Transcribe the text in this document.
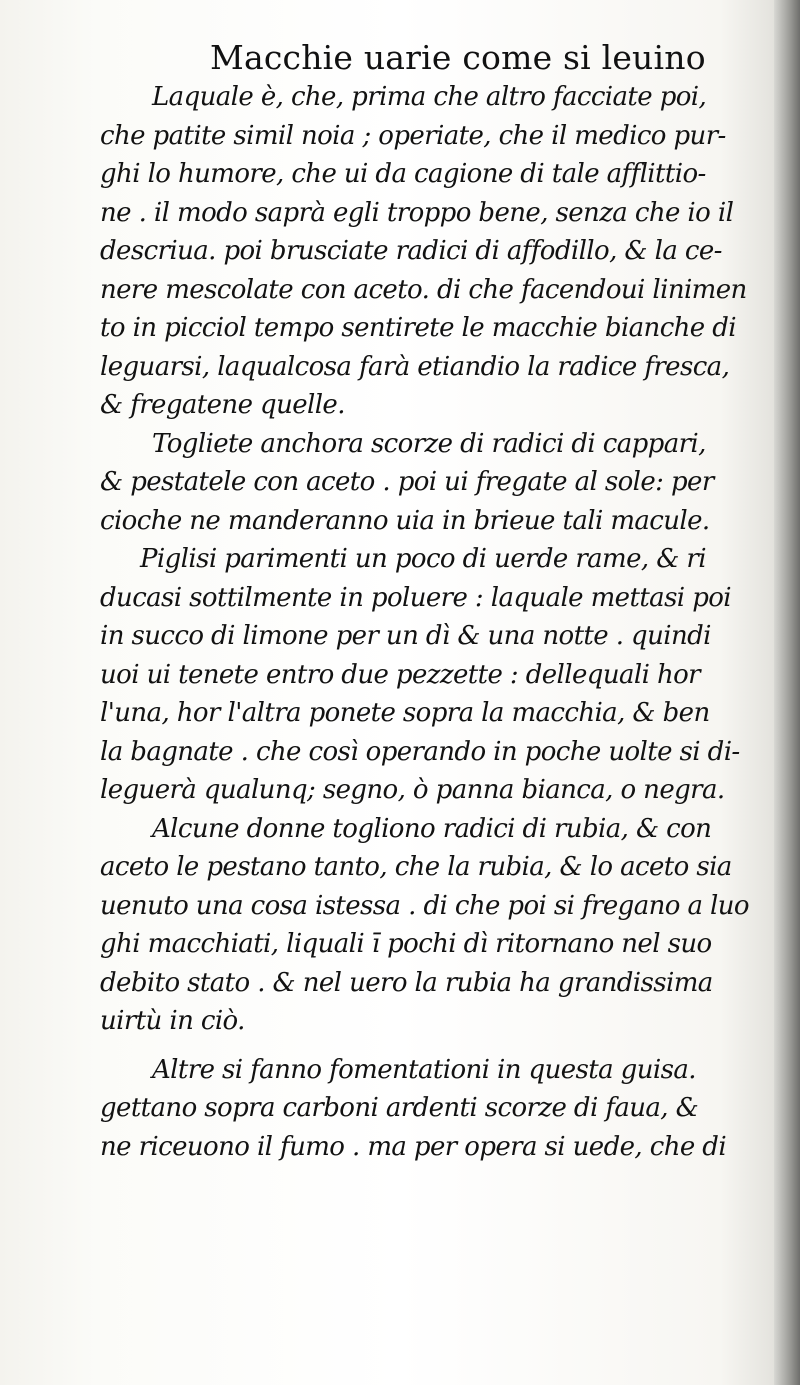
Macchie uarie come si leuino
Laquale è, che, prima che altro facciate poi,
che patite simil noia ; operiate, che il medico pur-
ghi lo humore, che ui da cagione di tale afflittio-
ne . il modo saprà egli troppo bene, senza che io il
descriua. poi brusciate radici di affodillo, & la ce-
nere mescolate con aceto. di che facendoui linimen
to in picciol tempo sentirete le macchie bianche di
leguarsi, laqualcosa farà etiandio la radice fresca,
& fregatene quelle.
Togliete anchora scorze di radici di cappari,
& pestatele con aceto . poi ui fregate al sole: per
cioche ne manderanno uia in brieue tali macule.
Piglisi parimenti un poco di uerde rame, & ri
ducasi sottilmente in poluere : laquale mettasi poi
in succo di limone per un dì & una notte . quindi
uoi ui tenete entro due pezzette : dellequali hor
l'una, hor l'altra ponete sopra la macchia, & ben
la bagnate . che così operando in poche uolte si di-
leguerà qualunq; segno, ò panna bianca, o negra.
Alcune donne togliono radici di rubia, & con
aceto le pestano tanto, che la rubia, & lo aceto sia
uenuto una cosa istessa . di che poi si fregano a luo
ghi macchiati, liquali ī pochi dì ritornano nel suo
debito stato . & nel uero la rubia ha grandissima
uirtù in ciò.
Altre si fanno fomentationi in questa guisa.
gettano sopra carboni ardenti scorze di faua, &
ne riceuono il fumo . ma per opera si uede, che di
